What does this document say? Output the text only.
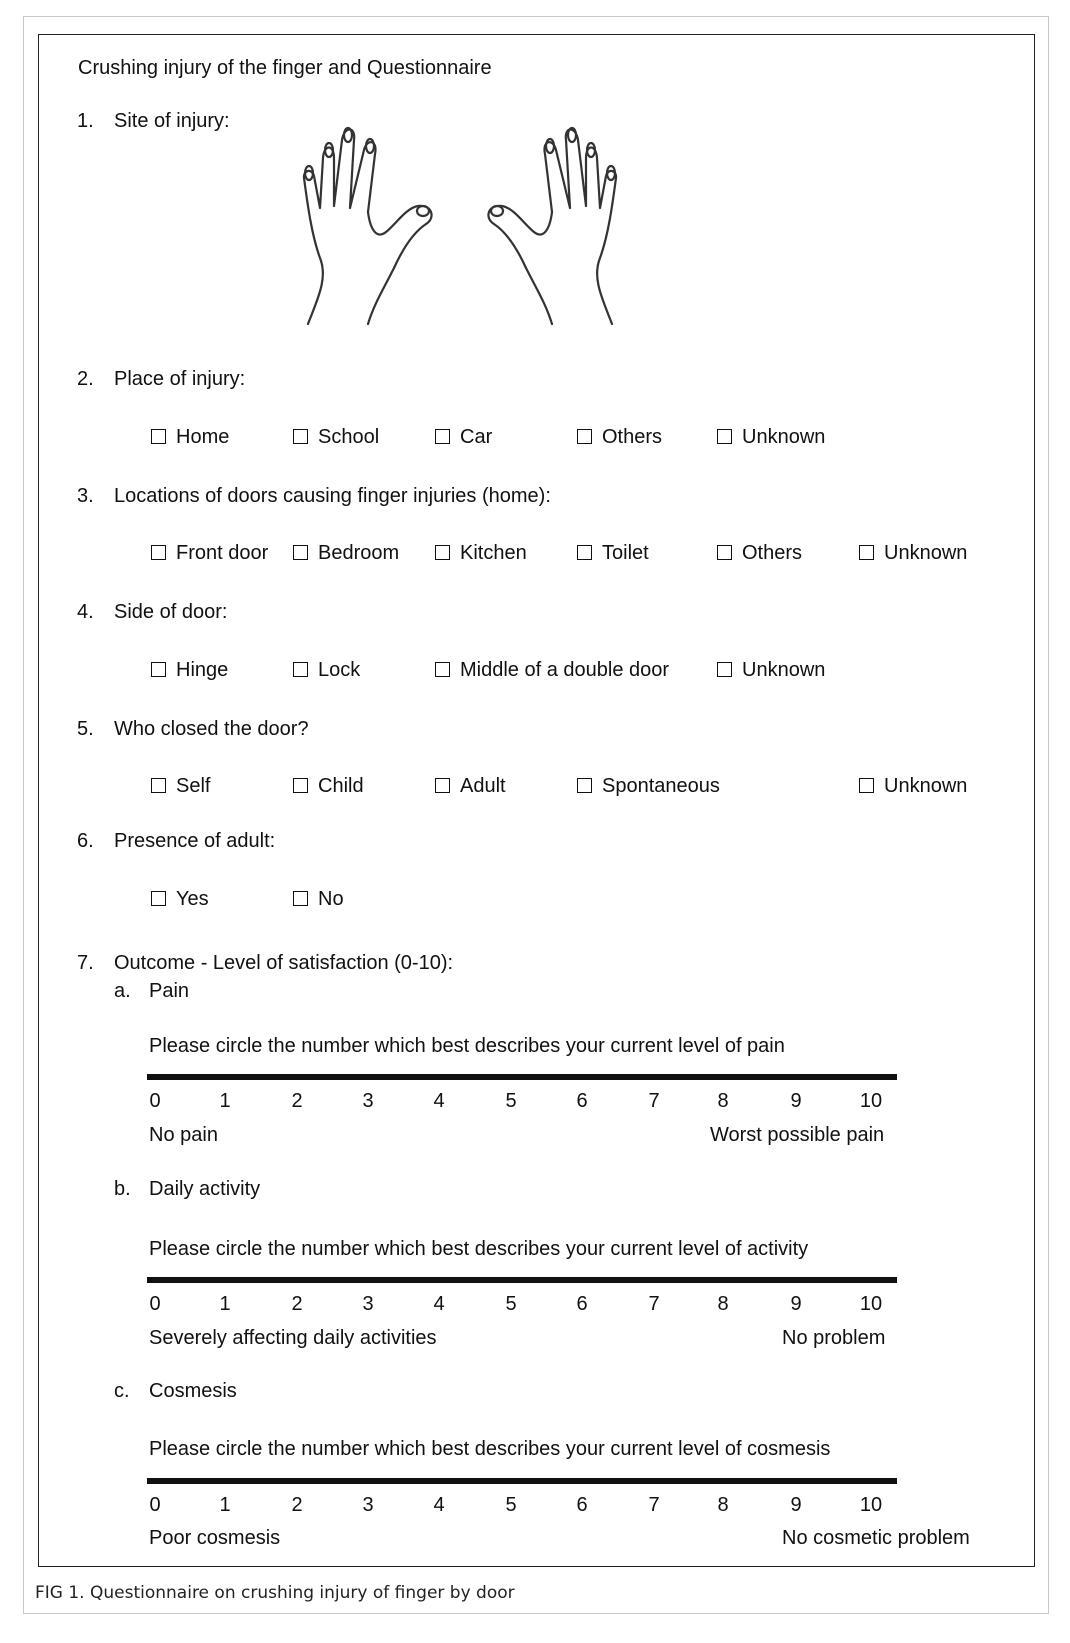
Crushing injury of the finger and Questionnaire
1. Site of injury:
2. Place of injury:
Home	School	Car	Others	Unknown
3. Locations of doors causing finger injuries (home):
Front door	Bedroom	Kitchen	Toilet	Others	Unknown
4. Side of door:
Hinge	Lock	Middle of a double door	Unknown
5. Who closed the door?
Self	Child	Adult	Spontaneous	Unknown
6. Presence of adult:
Yes	No
7. Outcome - Level of satisfaction (0-10):
a. Pain
Please circle the number which best describes your current level of pain
No pain	Worst possible pain
b. Daily activity
Please circle the number which best describes your current level of activity
Severely affecting daily activities	No problem
c. Cosmesis
Please circle the number which best describes your current level of cosmesis
Poor cosmesis	No cosmetic problem
FIG 1. Questionnaire on crushing injury of finger by door
0	1	2	3	4	5	6	7	8	9	10
0	1	2	3	4	5	6	7	8	9	10
0	1	2	3	4	5	6	7	8	9	10
